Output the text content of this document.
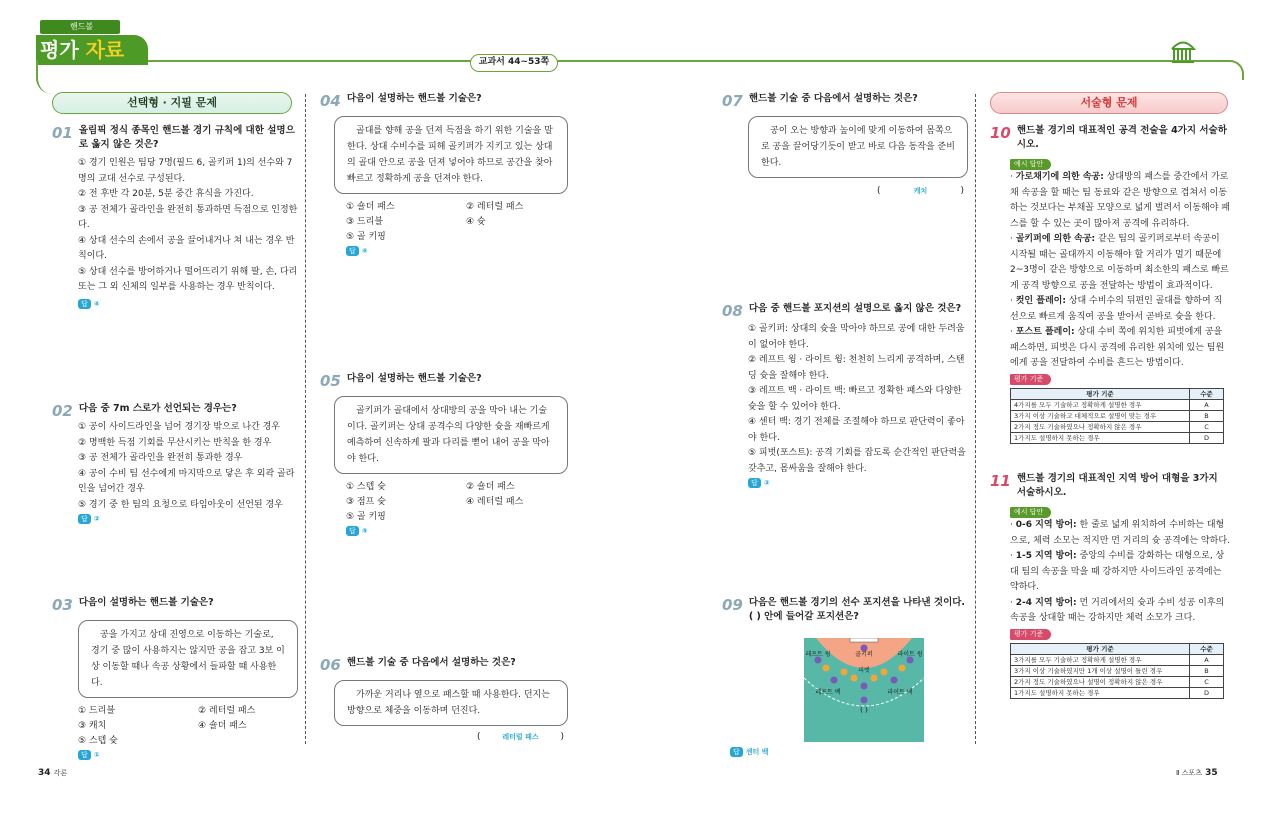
핸드볼
평가 자료	교과서 44~53쪽
선택형 · 지필 문제
01 올림픽 정식 종목인 핸드볼 경기 규칙에 대한 설명으로 옳지 않은 것은?
① 경기 인원은 팀당 7명(필드 6, 골키퍼 1)의 선수와 7명의 교대 선수로 구성된다.
② 전 후반 각 20분, 5분 중간 휴식을 가진다.
③ 공 전체가 골라인을 완전히 통과하면 득점으로 인정한다.
④ 상대 선수의 손에서 공을 끌어내거나 쳐 내는 경우 반칙이다.
⑤ 상대 선수를 방어하거나 떨어뜨리기 위해 팔, 손, 다리 또는 그 외 신체의 일부를 사용하는 경우 반칙이다.
답 ④
02 다음 중 7m 스로가 선언되는 경우는?
① 공이 사이드라인을 넘어 경기장 밖으로 나간 경우
② 명백한 득점 기회를 무산시키는 반칙을 한 경우
③ 공 전체가 골라인을 완전히 통과한 경우
④ 공이 수비 팀 선수에게 마지막으로 닿은 후 외곽 골라인을 넘어간 경우
⑤ 경기 중 한 팀의 요청으로 타임아웃이 선언된 경우
답 ②
03 다음이 설명하는 핸드볼 기술은?
공을 가지고 상대 진영으로 이동하는 기술로, 경기 중 많이 사용하지는 않지만 공을 잡고 3보 이상 이동할 때나 속공 상황에서 들파할 때 사용한다.
① 드리블	② 레터럴 패스
③ 캐치	④ 숄더 패스
⑤ 스텝 슛
답 ①
04 다음이 설명하는 핸드볼 기술은?
골대를 향해 공을 던져 득점을 하기 위한 기술을 말한다. 상대 수비수를 피해 골키퍼가 지키고 있는 상대의 골대 안으로 공을 던져 넣어야 하므로 공간을 찾아 빠르고 정확하게 공을 던져야 한다.
① 숄더 패스	② 레터럴 패스
③ 드리블	④ 슛
⑤ 골 키핑
답 ④
05 다음이 설명하는 핸드볼 기술은?
골키퍼가 골대에서 상대방의 공을 막아 내는 기술이다. 골키퍼는 상대 공격수의 다양한 슛을 재빠르게 예측하여 신속하게 팔과 다리를 뻗어 내어 공을 막아야 한다.
① 스텝 슛	② 숄더 패스
③ 점프 슛	④ 레터럴 패스
⑤ 골 키핑
답 ⑤
06 핸드볼 기술 중 다음에서 설명하는 것은?
가까운 거리나 옆으로 패스할 때 사용한다. 던지는 방향으로 체중을 이동하며 던진다.
(	레터럴 패스 )
07 핸드볼 기술 중 다음에서 설명하는 것은?
공이 오는 방향과 높이에 맞게 이동하여 몸쪽으로 공을 끌어당기듯이 받고 바로 다음 동작을 준비한다.
(	캐치	)
08 다음 중 핸드볼 포지션의 설명으로 옳지 않은 것은?
① 골키퍼: 상대의 슛을 막아야 하므로 공에 대한 두려움이 없어야 한다.
② 레프트 윙 · 라이트 윙: 천천히 느리게 공격하며, 스탠딩 슛을 잘해야 한다.
③ 레프트 백 · 라이트 백: 빠르고 정확한 패스와 다양한 슛을 할 수 있어야 한다.
④ 센터 백: 경기 전체를 조절해야 하므로 판단력이 좋아야 한다.
⑤ 피벗(포스트): 공격 기회를 잡도록 순간적인 판단력을 갖추고, 몸싸움을 잘해야 한다.
답 ②
09 다음은 핸드볼 경기의 선수 포지션을 나타낸 것이다. ( ) 안에 들어갈 포지션은?
레프트 윙	골키퍼	라이트 윙
피벗
레프트 백	라이트 백
( )
답 센터 백
서술형 문제
10 핸드볼 경기의 대표적인 공격 전술을 4가지 서술하시오.
예시 답안
· 가로채기에 의한 속공: 상대방의 패스를 중간에서 가로채 속공을 할 때는 팀 동료와 같은 방향으로 겹쳐서 이동하는 것보다는 부채꼴 모양으로 넓게 벌려서 이동해야 패스를 할 수 있는 곳이 많아져 공격에 유리하다.
· 골키퍼에 의한 속공: 같은 팀의 골키퍼로부터 속공이 시작될 때는 골대까지 이동해야 할 거리가 멀기 때문에 2~3명이 같은 방향으로 이동하며 최소한의 패스로 빠르게 공격 방향으로 공을 전달하는 방법이 효과적이다.
· 컷인 플레이: 상대 수비수의 뒤편인 골대를 향하여 직선으로 빠르게 움직여 공을 받아서 곧바로 슛을 한다.
· 포스트 플레이: 상대 수비 쪽에 위치한 피벗에게 공을 패스하면, 피벗은 다시 공격에 유리한 위치에 있는 팀원에게 공을 전달하여 수비를 흔드는 방법이다.
평가 기준
평가 기준	수준
4가지를 모두 기술하고 정확하게 설명한 경우	A
3가지 이상 기술하고 대체적으로 설명이 맞는 경우	B
2가지 정도 기술하였으나 정확하지 않은 경우	C
1가지도 설명하지 못하는 경우	D
11 핸드볼 경기의 대표적인 지역 방어 대형을 3가지 서술하시오.
예시 답안
· 0-6 지역 방어: 한 줄로 넓게 위치하여 수비하는 대형으로, 체력 소모는 적지만 먼 거리의 슛 공격에는 약하다.
· 1-5 지역 방어: 중앙의 수비를 강화하는 대형으로, 상대 팀의 속공을 막을 때 강하지만 사이드라인 공격에는 약하다.
· 2-4 지역 방어: 먼 거리에서의 슛과 수비 성공 이후의 속공을 상대할 때는 강하지만 체력 소모가 크다.
평가 기준
평가 기준	수준
3가지를 모두 기술하고 정확하게 설명한 경우	A
3가지 이상 기술하였지만 1개 이상 설명이 틀린 경우	B
2가지 정도 기술하였으나 설명이 정확하지 않은 경우	C
1가지도 설명하지 못하는 경우	D
34 각론	Ⅱ 스포츠 35
